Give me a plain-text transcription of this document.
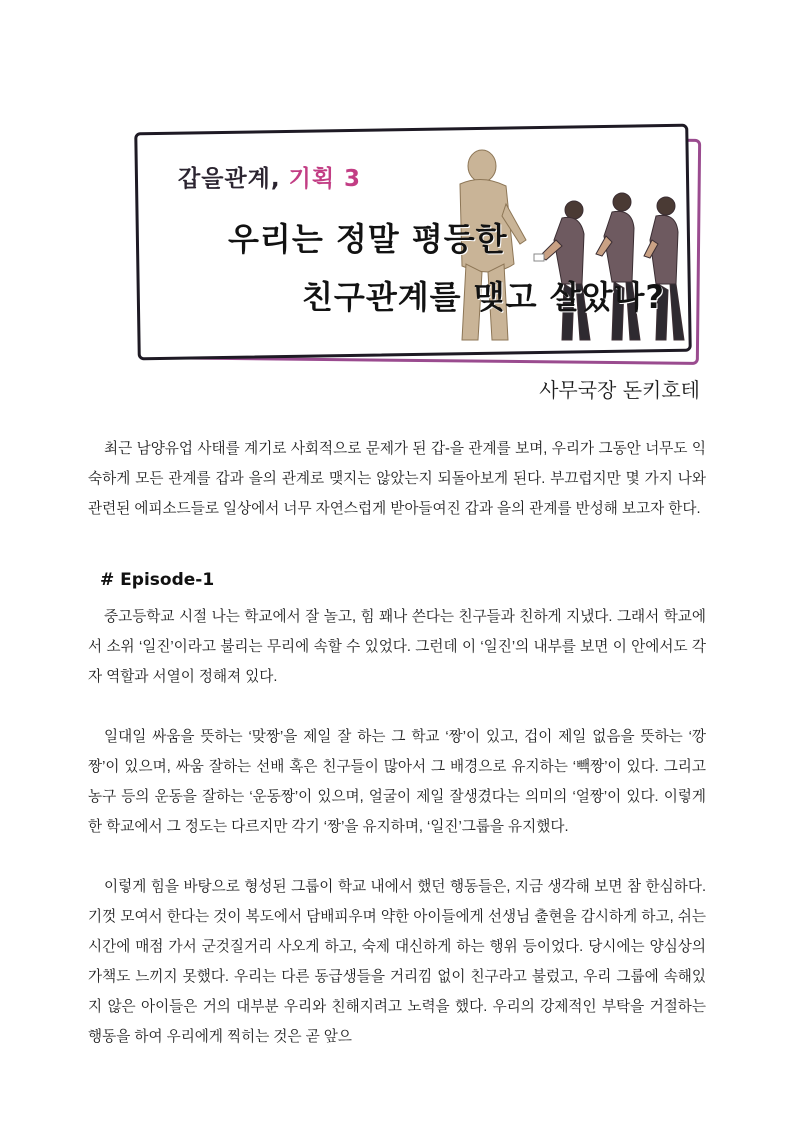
갑을관계, 기획 3
우리는 정말 평등한
친구관계를 맺고 살았나?
사무국장 돈키호테

최근 남양유업 사태를 계기로 사회적으로 문제가 된 갑-을 관계를 보며, 우리가 그동안 너무도 익숙하게 모든 관계를 갑과 을의 관계로 맺지는 않았는지 되돌아보게 된다. 부끄럽지만 몇 가지 나와 관련된 에피소드들로 일상에서 너무 자연스럽게 받아들여진 갑과 을의 관계를 반성해 보고자 한다.

# Episode-1

중고등학교 시절 나는 학교에서 잘 놀고, 힘 꽤나 쓴다는 친구들과 친하게 지냈다. 그래서 학교에서 소위 ‘일진’이라고 불리는 무리에 속할 수 있었다. 그런데 이 ‘일진’의 내부를 보면 이 안에서도 각자 역할과 서열이 정해져 있다.

일대일 싸움을 뜻하는 ‘맞짱’을 제일 잘 하는 그 학교 ‘짱’이 있고, 겁이 제일 없음을 뜻하는 ‘깡짱’이 있으며, 싸움 잘하는 선배 혹은 친구들이 많아서 그 배경으로 유지하는 ‘빽짱’이 있다. 그리고 농구 등의 운동을 잘하는 ‘운동짱’이 있으며, 얼굴이 제일 잘생겼다는 의미의 ‘얼짱’이 있다. 이렇게 한 학교에서 그 정도는 다르지만 각기 ‘짱’을 유지하며, ‘일진’그룹을 유지했다.

이렇게 힘을 바탕으로 형성된 그룹이 학교 내에서 했던 행동들은, 지금 생각해 보면 참 한심하다. 기껏 모여서 한다는 것이 복도에서 담배피우며 약한 아이들에게 선생님 출현을 감시하게 하고, 쉬는 시간에 매점 가서 군것질거리 사오게 하고, 숙제 대신하게 하는 행위 등이었다. 당시에는 양심상의 가책도 느끼지 못했다. 우리는 다른 동급생들을 거리낌 없이 친구라고 불렀고, 우리 그룹에 속해있지 않은 아이들은 거의 대부분 우리와 친해지려고 노력을 했다. 우리의 강제적인 부탁을 거절하는 행동을 하여 우리에게 찍히는 것은 곧 앞으
